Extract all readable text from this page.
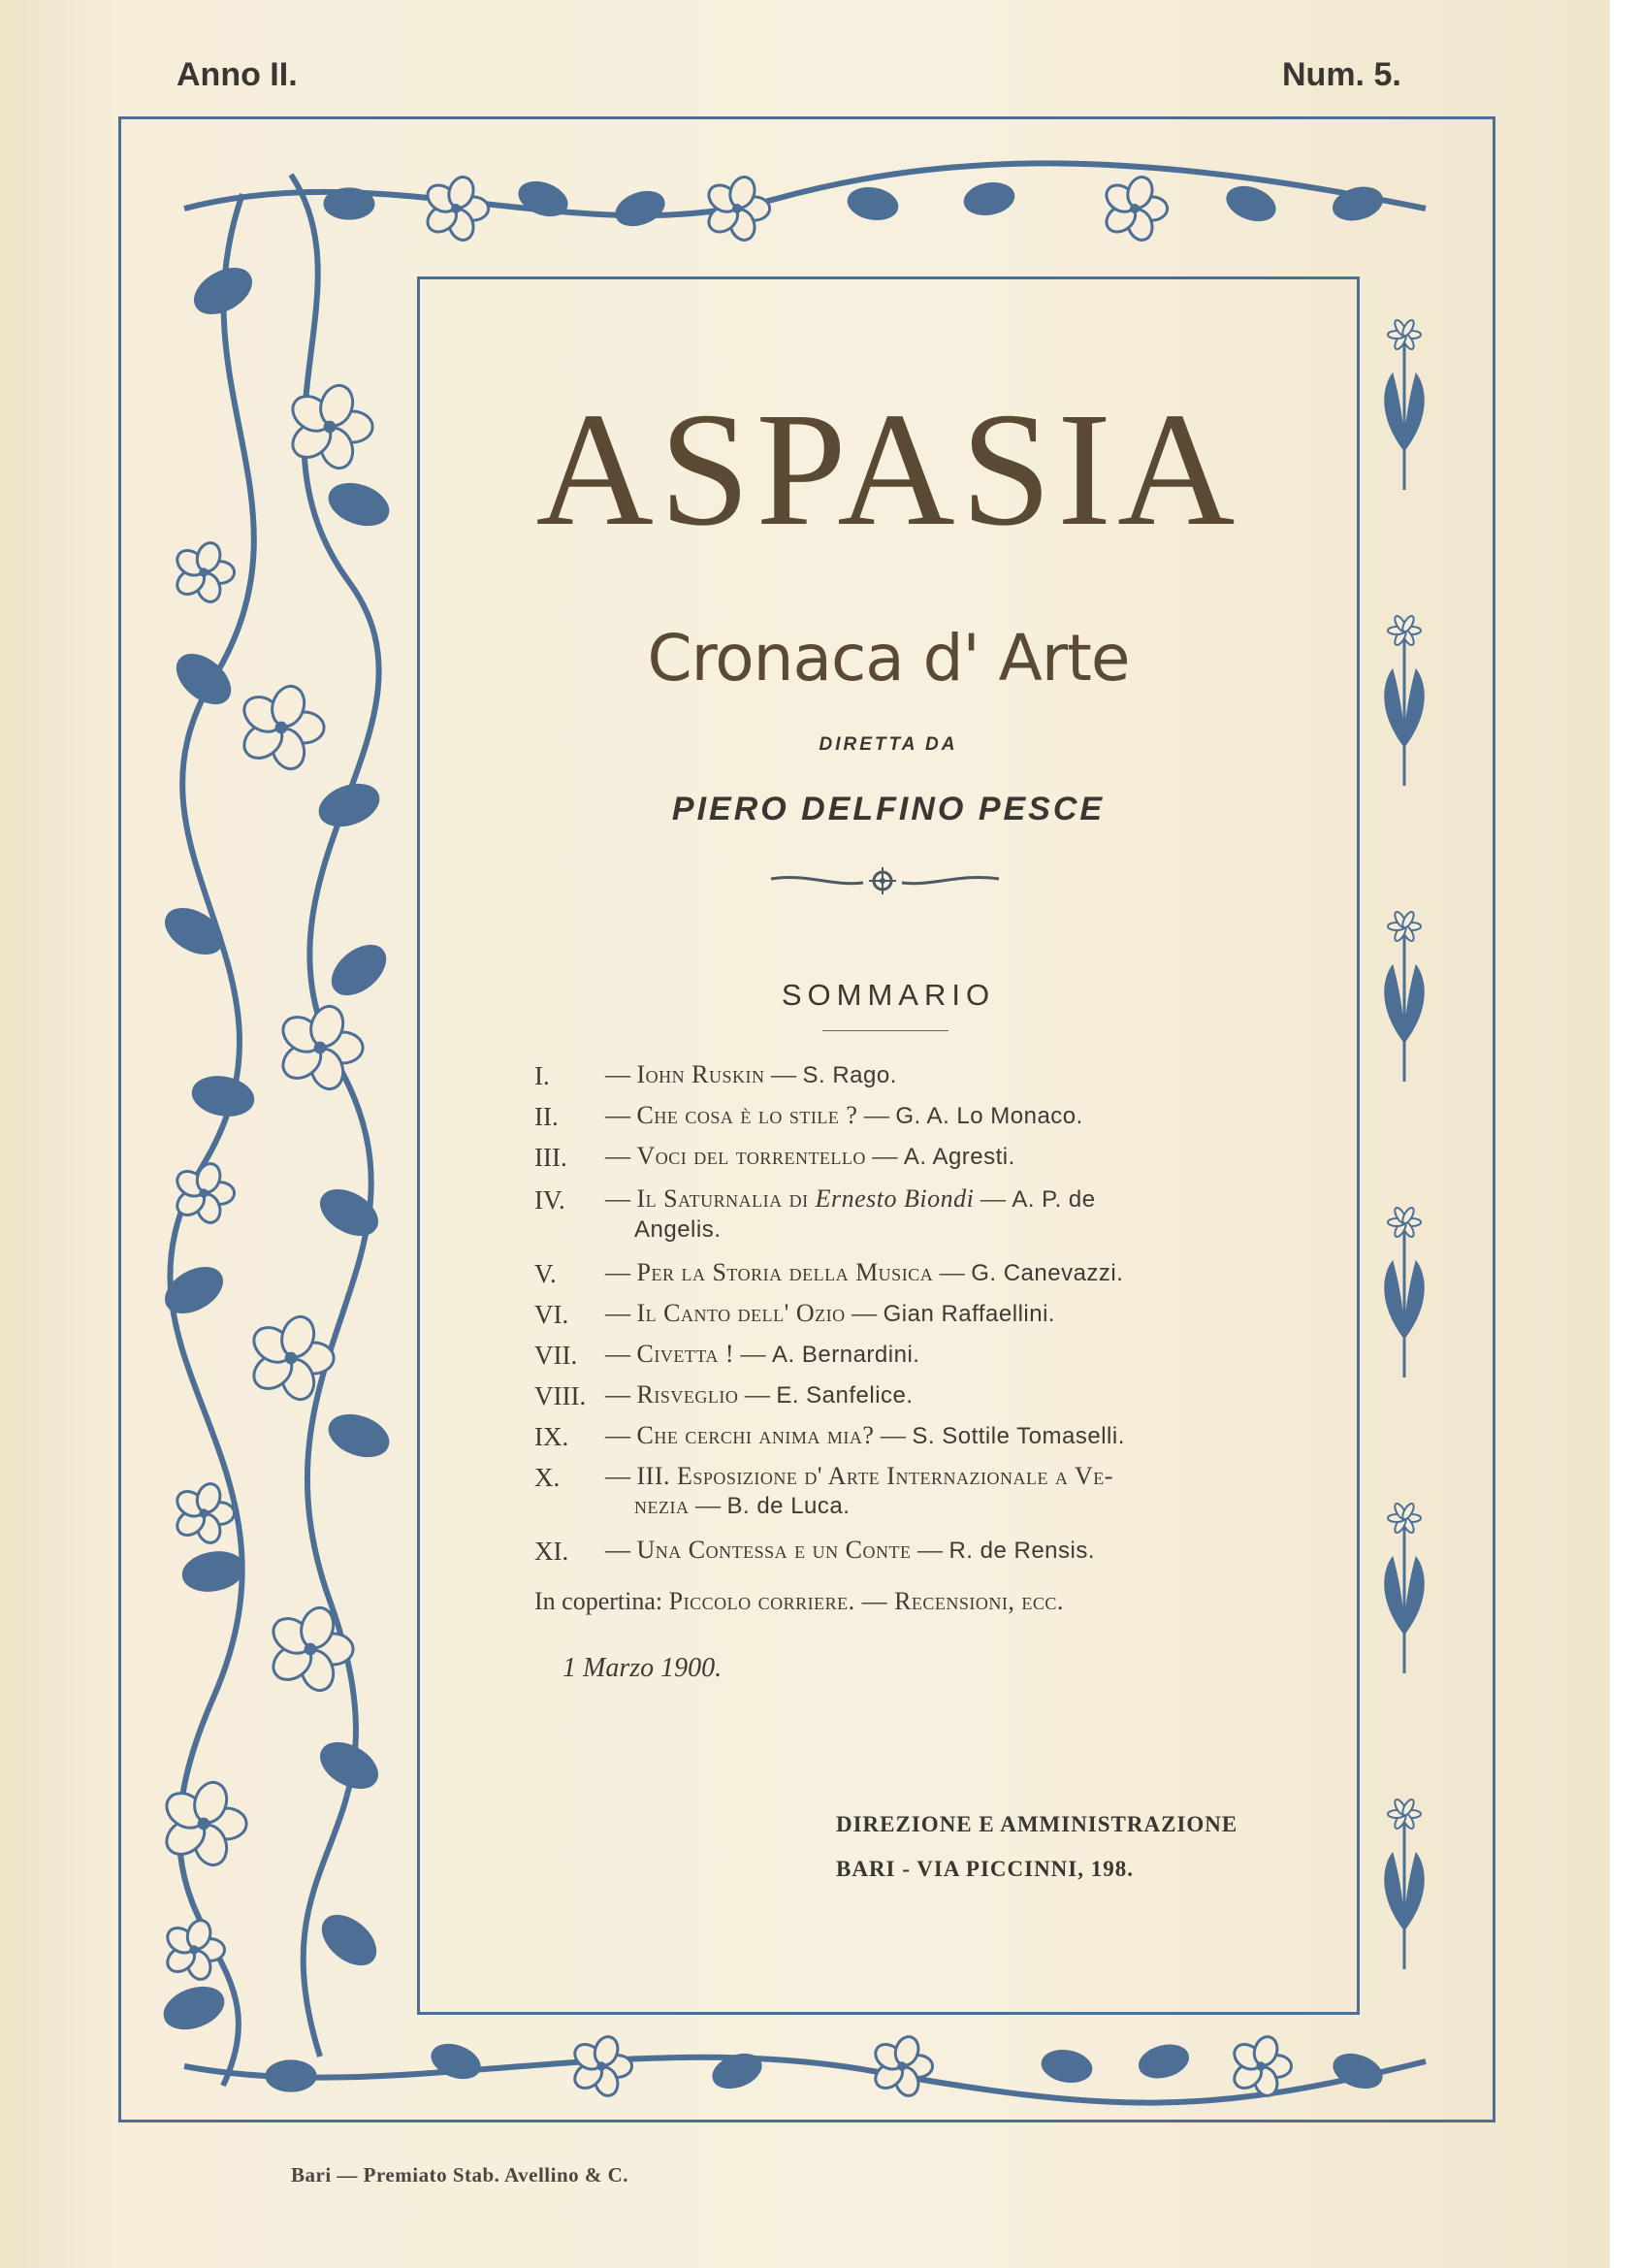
Anno II.	Num. 5.
ASPASIA
Cronaca d' Arte
DIRETTA DA
PIERO DELFINO PESCE
SOMMARIO
I. — Iohn Ruskin — S. Rago.
II. — Che cosa è lo stile ? — G. A. Lo Monaco.
III. — Voci del torrentello — A. Agresti.
IV. — Il Saturnalia di Ernesto Biondi — A. P. de
Angelis.
V. — Per la Storia della Musica — G. Canevazzi.
VI. — Il Canto dell' Ozio — Gian Raffaellini.
VII. — Civetta ! — A. Bernardini.
VIII. — Risveglio — E. Sanfelice.
IX. — Che cerchi anima mia? — S. Sottile Tomaselli.
X. — III. Esposizione d' Arte Internazionale a Ve-
nezia — B. de Luca.
XI. — Una Contessa e un Conte — R. de Rensis.
In copertina: Piccolo corriere. — Recensioni, ecc.
1 Marzo 1900.
DIREZIONE E AMMINISTRAZIONE
BARI - VIA PICCINNI, 198.
Bari — Premiato Stab. Avellino & C.
